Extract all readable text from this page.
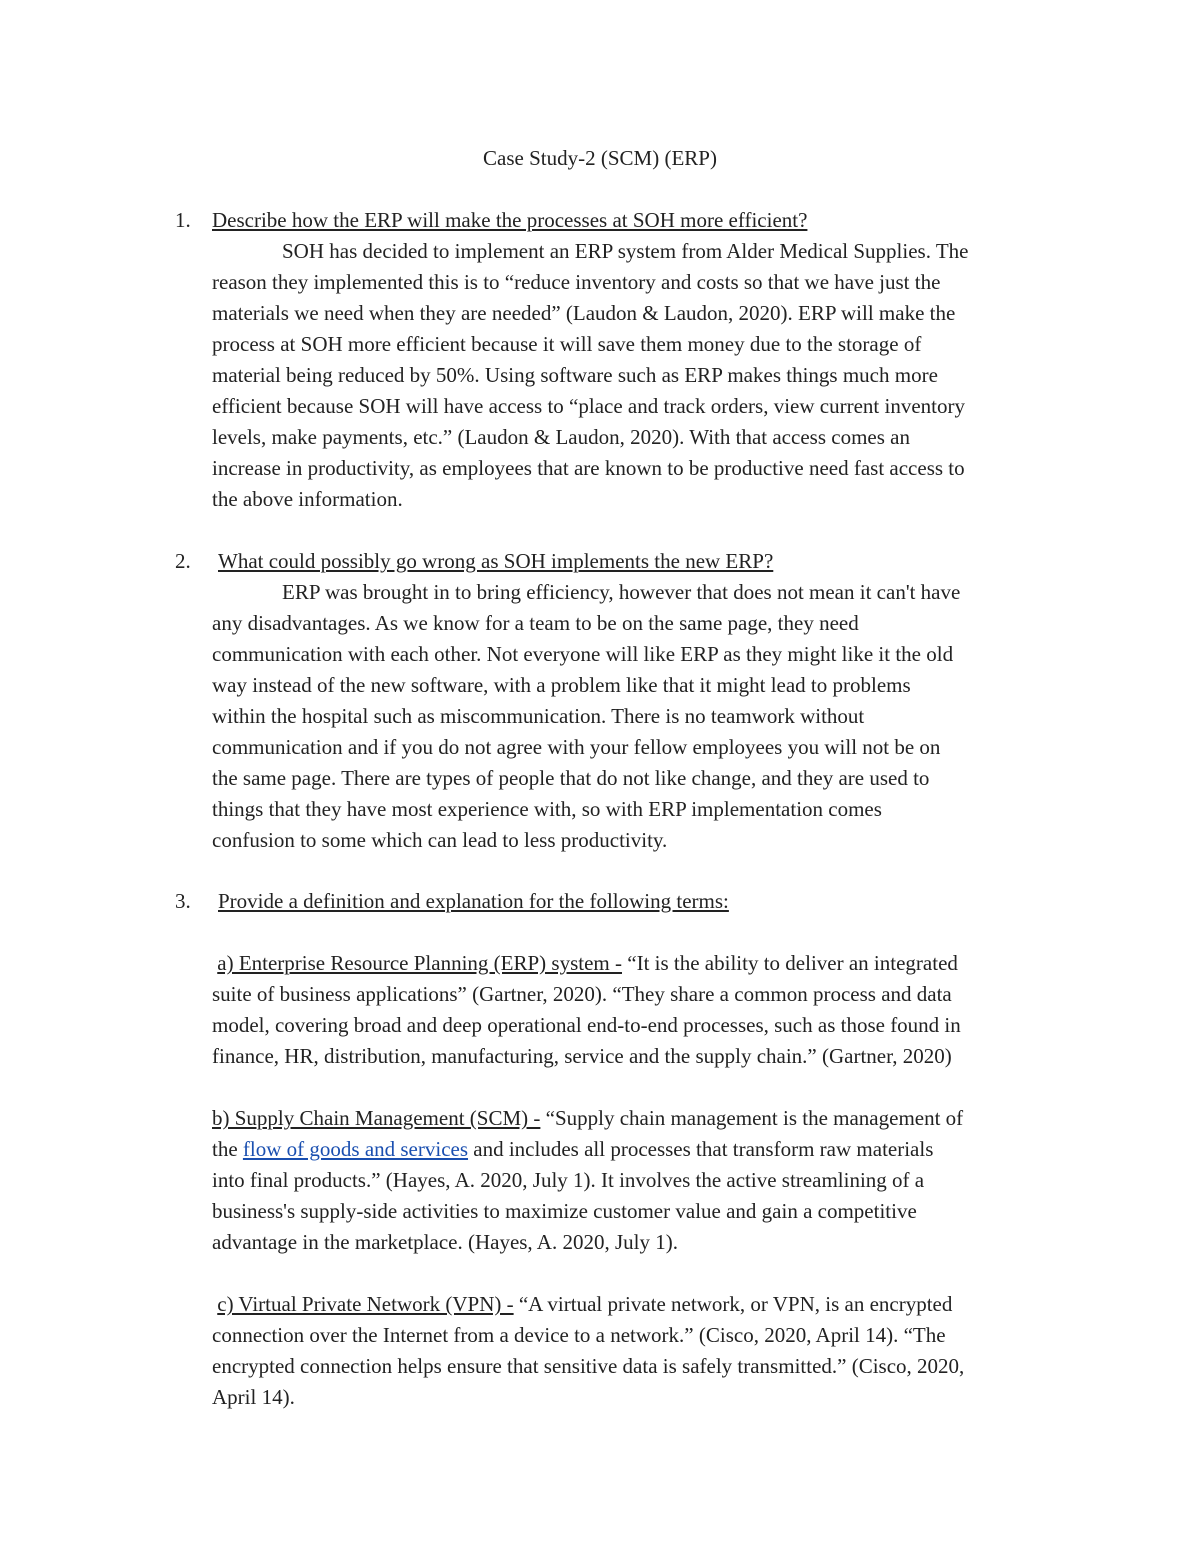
Case Study-2 (SCM) (ERP)
1. Describe how the ERP will make the processes at SOH more efficient?
SOH has decided to implement an ERP system from Alder Medical Supplies. The
reason they implemented this is to “reduce inventory and costs so that we have just the
materials we need when they are needed” (Laudon & Laudon, 2020). ERP will make the
process at SOH more efficient because it will save them money due to the storage of
material being reduced by 50%. Using software such as ERP makes things much more
efficient because SOH will have access to “place and track orders, view current inventory
levels, make payments, etc.” (Laudon & Laudon, 2020). With that access comes an
increase in productivity, as employees that are known to be productive need fast access to
the above information.
2. What could possibly go wrong as SOH implements the new ERP?
ERP was brought in to bring efficiency, however that does not mean it can't have
any disadvantages. As we know for a team to be on the same page, they need
communication with each other. Not everyone will like ERP as they might like it the old
way instead of the new software, with a problem like that it might lead to problems
within the hospital such as miscommunication. There is no teamwork without
communication and if you do not agree with your fellow employees you will not be on
the same page. There are types of people that do not like change, and they are used to
things that they have most experience with, so with ERP implementation comes
confusion to some which can lead to less productivity.
3. Provide a definition and explanation for the following terms:
a) Enterprise Resource Planning (ERP) system - “It is the ability to deliver an integrated
suite of business applications” (Gartner, 2020). “They share a common process and data
model, covering broad and deep operational end-to-end processes, such as those found in
finance, HR, distribution, manufacturing, service and the supply chain.” (Gartner, 2020)
b) Supply Chain Management (SCM) - “Supply chain management is the management of
the flow of goods and services and includes all processes that transform raw materials
into final products.” (Hayes, A. 2020, July 1). It involves the active streamlining of a
business's supply-side activities to maximize customer value and gain a competitive
advantage in the marketplace. (Hayes, A. 2020, July 1).
c) Virtual Private Network (VPN) - “A virtual private network, or VPN, is an encrypted
connection over the Internet from a device to a network.” (Cisco, 2020, April 14). “The
encrypted connection helps ensure that sensitive data is safely transmitted.” (Cisco, 2020,
April 14).
